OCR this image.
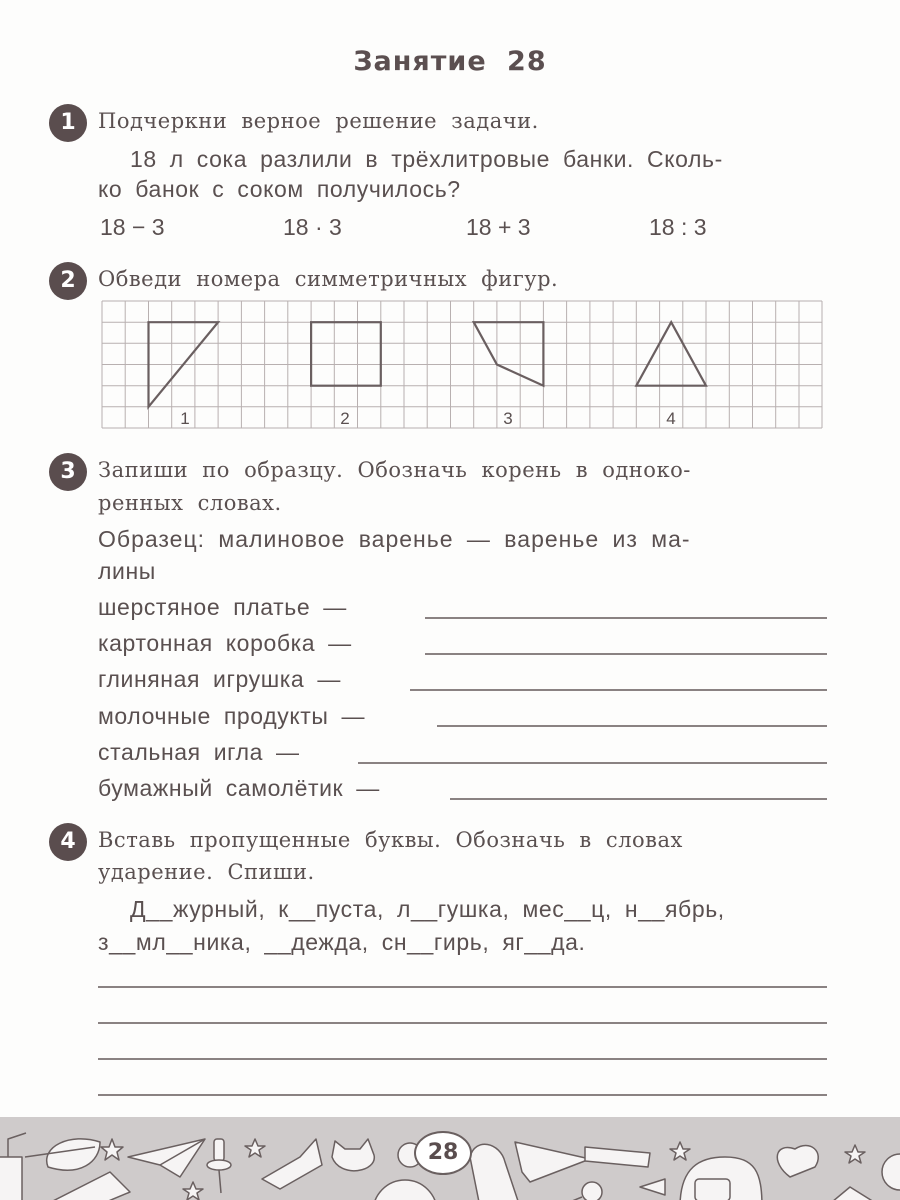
Занятие 28
1	Подчеркни верное решение задачи.
18 л сока разлили в трёхлитровые банки. Сколь-
ко банок с соком получилось?
18 − 3	18 · 3	18 + 3	18 : 3
2	Обведи номера симметричных фигур.
1	2	3	4
3	Запиши по образцу. Обозначь корень в одноко-
ренных словах.
Образец: малиновое варенье — варенье из ма-
лины
шерстяное платье —
картонная коробка —
глиняная игрушка —
молочные продукты —
стальная игла —
бумажный самолётик —
4	Вставь пропущенные буквы. Обозначь в словах
ударение. Спиши.
Д__журный, к__пуста, л__гушка, мес__ц, н__ябрь,
з__мл__ника, __дежда, сн__гирь, яг__да.
28
